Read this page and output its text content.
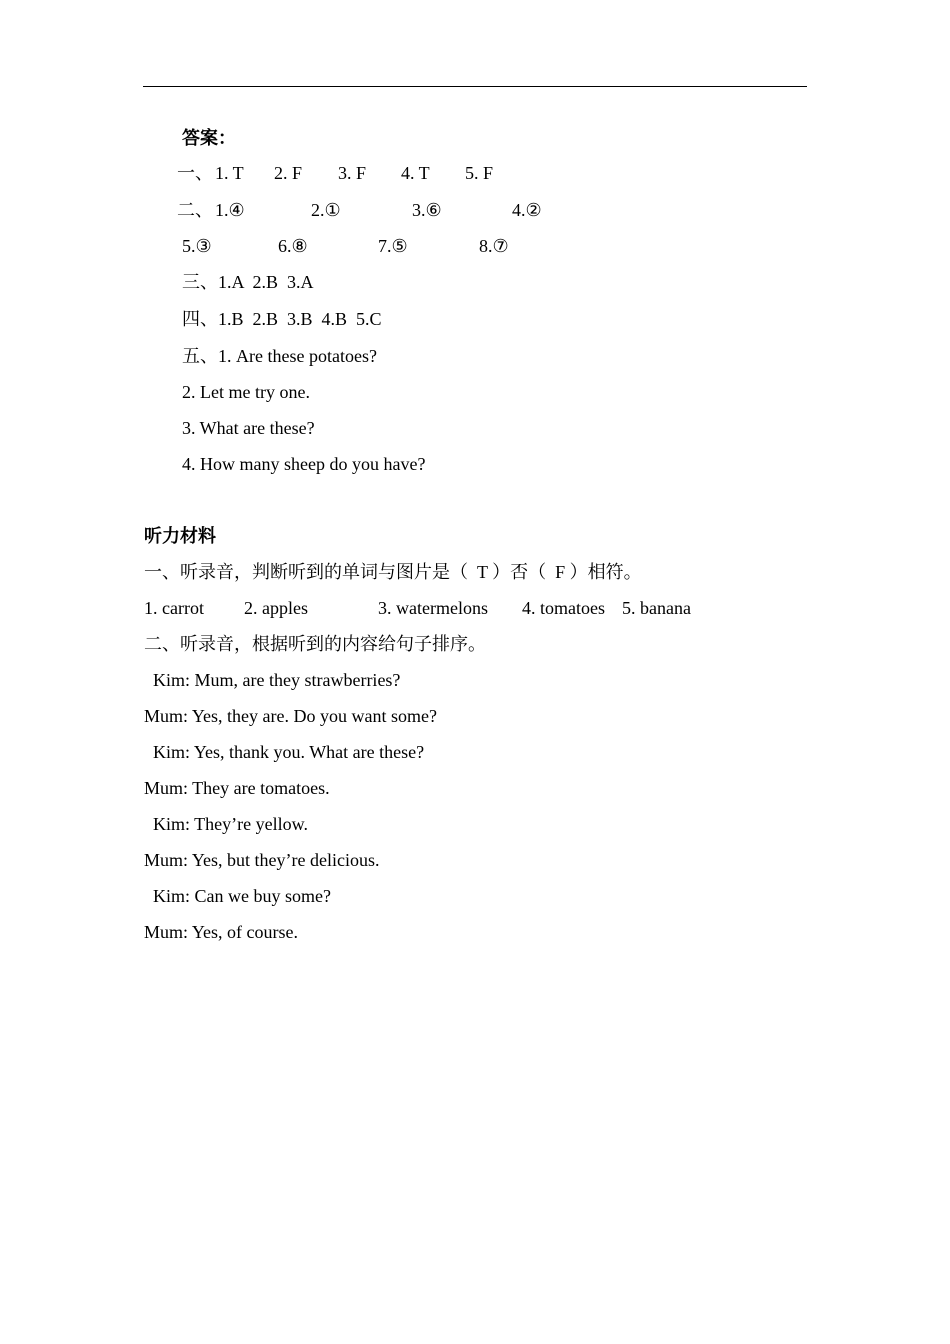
答案：

一、

1. T

2. F

3. F

4. T

5. F

二、

1.④

	2.①

	3.⑥

	4.②

5.③

	6.⑧

	7.⑤

	8.⑦

三、1.A  2.B  3.A
四、1.B  2.B  3.B  4.B  5.C
五、1. Are these potatoes?
2. Let me try one.
3. What are these?
4. How many sheep do you have?
听力材料
一、听录音，判断听到的单词与图片是（  T ）否（  F ）相符。

1. carrot

2. apples

	3. watermelons

4. tomatoes

5. banana

二、听录音，根据听到的内容给句子排序。
Kim: Mum, are they strawberries?
Mum: Yes, they are. Do you want some?
Kim: Yes, thank you. What are these?
Mum: They are tomatoes.
Kim: They’re yellow.
Mum: Yes, but they’re delicious.
Kim: Can we buy some?
Mum: Yes, of course.
